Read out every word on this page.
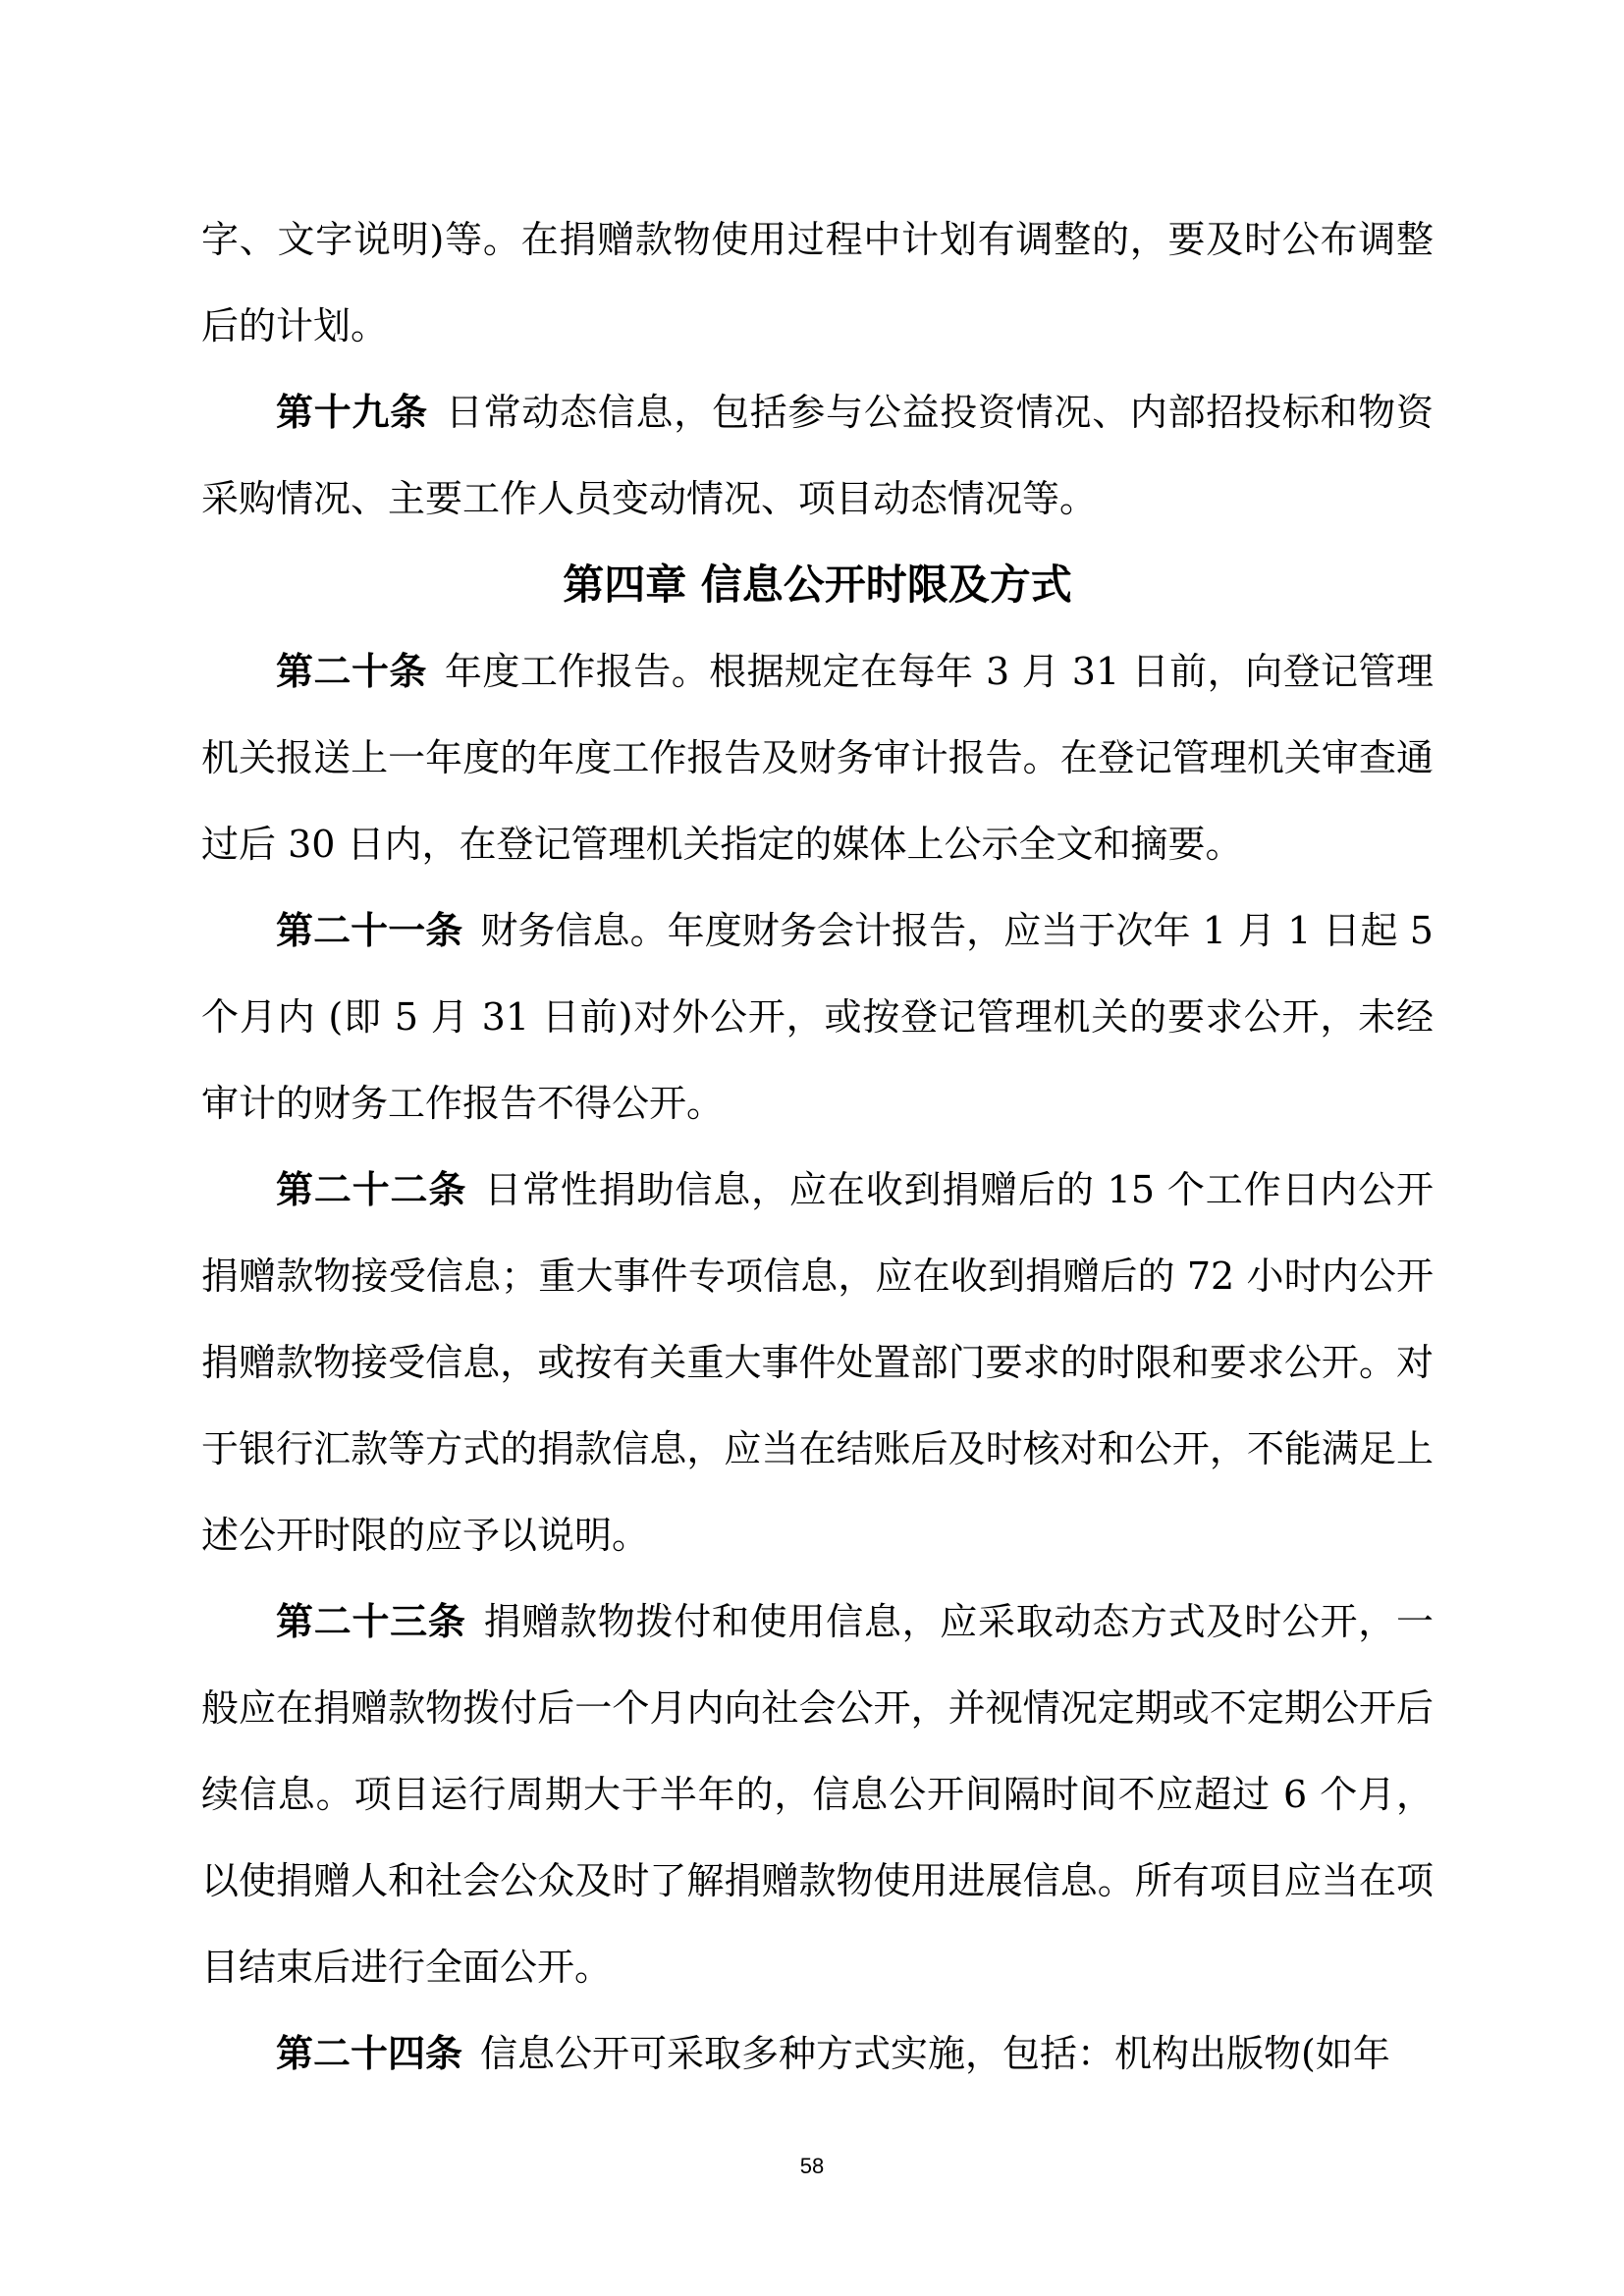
字、文字说明)等。在捐赠款物使用过程中计划有调整的，要及时公布调整后的计划。

第十九条 日常动态信息，包括参与公益投资情况、内部招投标和物资采购情况、主要工作人员变动情况、项目动态情况等。

第四章 信息公开时限及方式

第二十条 年度工作报告。根据规定在每年 3 月 31 日前，向登记管理机关报送上一年度的年度工作报告及财务审计报告。在登记管理机关审查通过后 30 日内，在登记管理机关指定的媒体上公示全文和摘要。

第二十一条 财务信息。年度财务会计报告，应当于次年 1 月 1 日起 5 个月内 (即 5 月 31 日前)对外公开，或按登记管理机关的要求公开，未经审计的财务工作报告不得公开。

第二十二条 日常性捐助信息，应在收到捐赠后的 15 个工作日内公开捐赠款物接受信息；重大事件专项信息，应在收到捐赠后的 72 小时内公开捐赠款物接受信息，或按有关重大事件处置部门要求的时限和要求公开。对于银行汇款等方式的捐款信息，应当在结账后及时核对和公开，不能满足上述公开时限的应予以说明。

第二十三条 捐赠款物拨付和使用信息，应采取动态方式及时公开，一般应在捐赠款物拨付后一个月内向社会公开，并视情况定期或不定期公开后续信息。项目运行周期大于半年的，信息公开间隔时间不应超过 6 个月，以使捐赠人和社会公众及时了解捐赠款物使用进展信息。所有项目应当在项目结束后进行全面公开。

第二十四条 信息公开可采取多种方式实施，包括：机构出版物(如年

58
